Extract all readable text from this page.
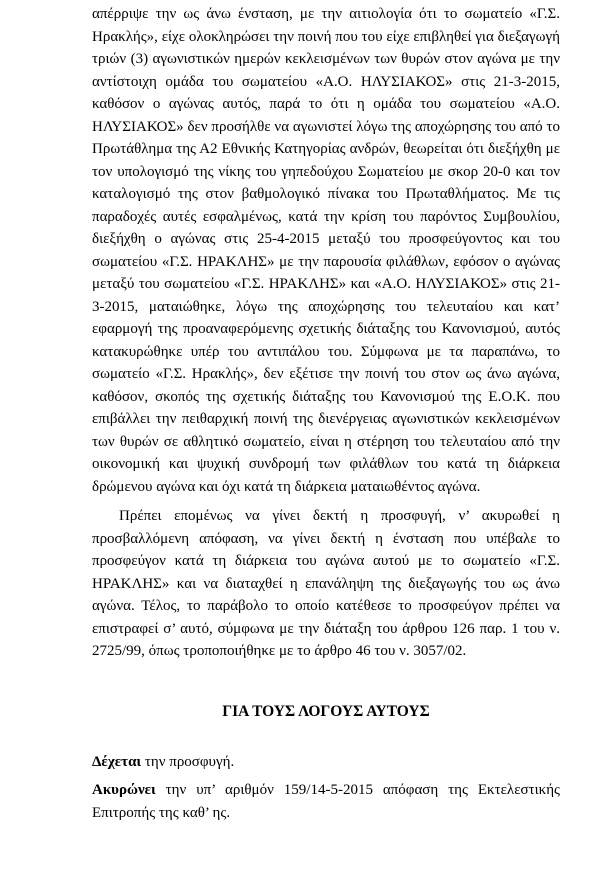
απέρριψε την ως άνω ένσταση, με την αιτιολογία ότι το σωματείο «Γ.Σ. Ηρακλής», είχε ολοκληρώσει την ποινή που του είχε επιβληθεί για διεξαγωγή τριών (3) αγωνιστικών ημερών κεκλεισμένων των θυρών στον αγώνα με την αντίστοιχη ομάδα του σωματείου «Α.Ο. ΗΛΥΣΙΑΚΟΣ» στις 21-3-2015, καθόσον ο αγώνας αυτός, παρά το ότι η ομάδα του σωματείου «Α.Ο. ΗΛΥΣΙΑΚΟΣ» δεν προσήλθε να αγωνιστεί λόγω της αποχώρησης του από το Πρωτάθλημα της Α2 Εθνικής Κατηγορίας ανδρών, θεωρείται ότι διεξήχθη με τον υπολογισμό της νίκης του γηπεδούχου Σωματείου με σκορ 20-0 και τον καταλογισμό της στον βαθμολογικό πίνακα του Πρωταθλήματος. Με τις παραδοχές αυτές εσφαλμένως, κατά την κρίση του παρόντος Συμβουλίου, διεξήχθη ο αγώνας στις 25-4-2015 μεταξύ του προσφεύγοντος και του σωματείου «Γ.Σ. ΗΡΑΚΛΗΣ» με την παρουσία φιλάθλων, εφόσον ο αγώνας μεταξύ του σωματείου «Γ.Σ. ΗΡΑΚΛΗΣ» και «Α.Ο. ΗΛΥΣΙΑΚΟΣ» στις 21-3-2015, ματαιώθηκε, λόγω της αποχώρησης του τελευταίου και κατ’ εφαρμογή της προαναφερόμενης σχετικής διάταξης του Κανονισμού, αυτός κατακυρώθηκε υπέρ του αντιπάλου του. Σύμφωνα με τα παραπάνω, το σωματείο «Γ.Σ. Ηρακλής», δεν εξέτισε την ποινή του στον ως άνω αγώνα, καθόσον, σκοπός της σχετικής διάταξης του Κανονισμού της Ε.Ο.Κ. που επιβάλλει την πειθαρχική ποινή της διενέργειας αγωνιστικών κεκλεισμένων των θυρών σε αθλητικό σωματείο, είναι η στέρηση του τελευταίου από την οικονομική και ψυχική συνδρομή των φιλάθλων του κατά τη διάρκεια δρώμενου αγώνα και όχι κατά τη διάρκεια ματαιωθέντος αγώνα.

Πρέπει επομένως να γίνει δεκτή η προσφυγή, ν’ ακυρωθεί η προσβαλλόμενη απόφαση, να γίνει δεκτή η ένσταση που υπέβαλε το προσφεύγον κατά τη διάρκεια του αγώνα αυτού με το σωματείο «Γ.Σ. ΗΡΑΚΛΗΣ» και να διαταχθεί η επανάληψη της διεξαγωγής του ως άνω αγώνα. Τέλος, το παράβολο το οποίο κατέθεσε το προσφεύγον πρέπει να επιστραφεί σ’ αυτό, σύμφωνα με την διάταξη του άρθρου 126 παρ. 1 του ν. 2725/99, όπως τροποποιήθηκε με το άρθρο 46 του ν. 3057/02.

ΓΙΑ ΤΟΥΣ ΛΟΓΟΥΣ ΑΥΤΟΥΣ

Δέχεται την προσφυγή.

Ακυρώνει την υπ’ αριθμόν 159/14-5-2015 απόφαση της Εκτελεστικής Επιτροπής της καθ’ ης.
